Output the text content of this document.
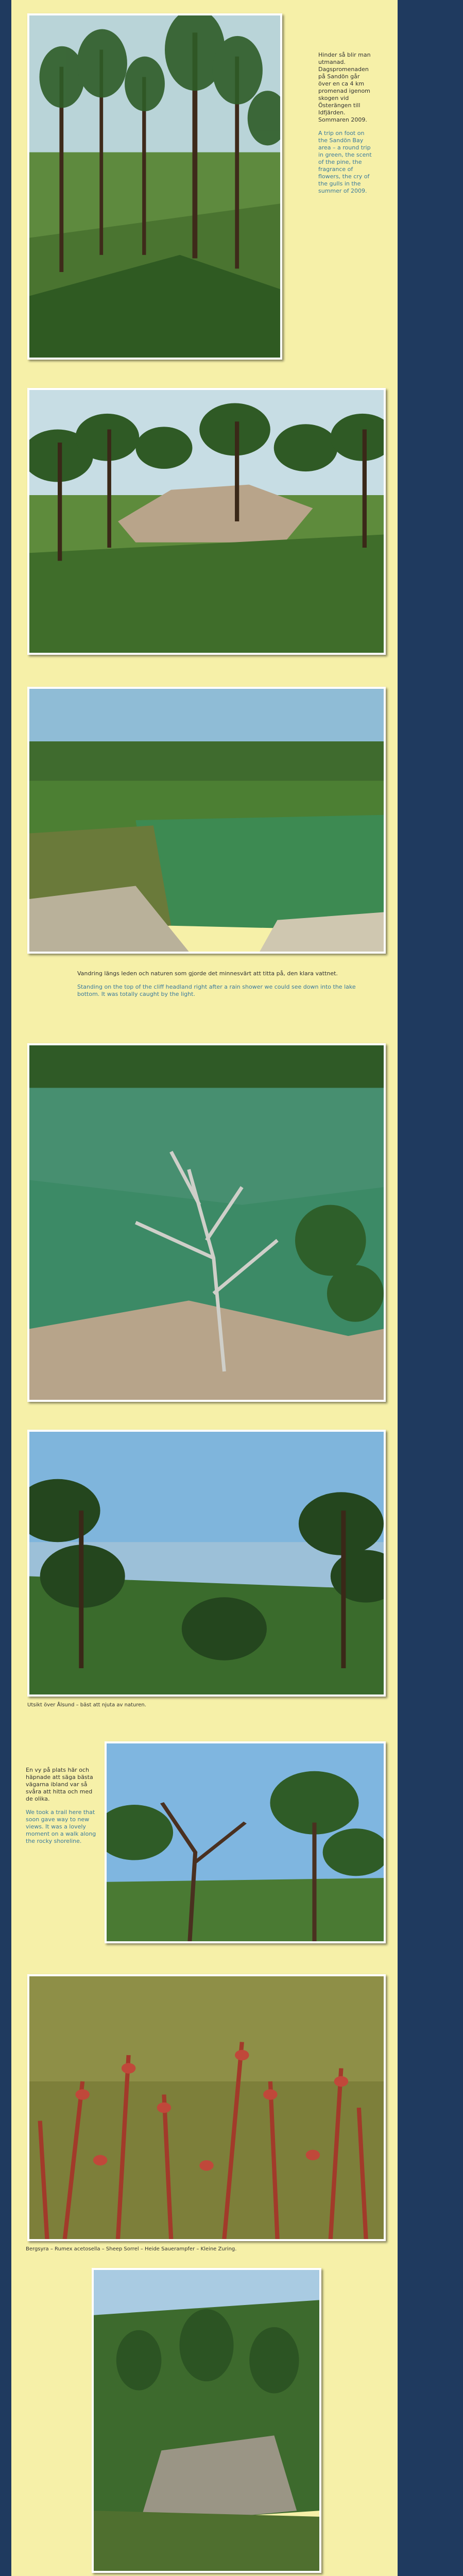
Hinder så blir man utmanad. Dagspromenaden på Sandön går över en ca 4 km promenad igenom skogen vid Österängen till Idfjärden. Sommaren 2009.
A trip on foot on the Sandön Bay area – a round trip in green, the scent of the pine, the fragrance of flowers, the cry of the gulls in the summer of 2009.
Vandring längs leden och naturen som gjorde det minnesvärt att titta på, den klara vattnet.
Standing on the top of the cliff headland right after a rain shower we could see down into the lake bottom. It was totally caught by the light.
Utsikt över Ålsund – bäst att njuta av naturen.
En vy på plats här och häpnade att säga bästa vägarna ibland var så svåra att hitta och med de olika.
We took a trail here that soon gave way to new views. It was a lovely moment on a walk along the rocky shoreline.
Bergsyra – Rumex acetosella – Sheep Sorrel – Heide Sauerampfer – Kleine Zuring.
